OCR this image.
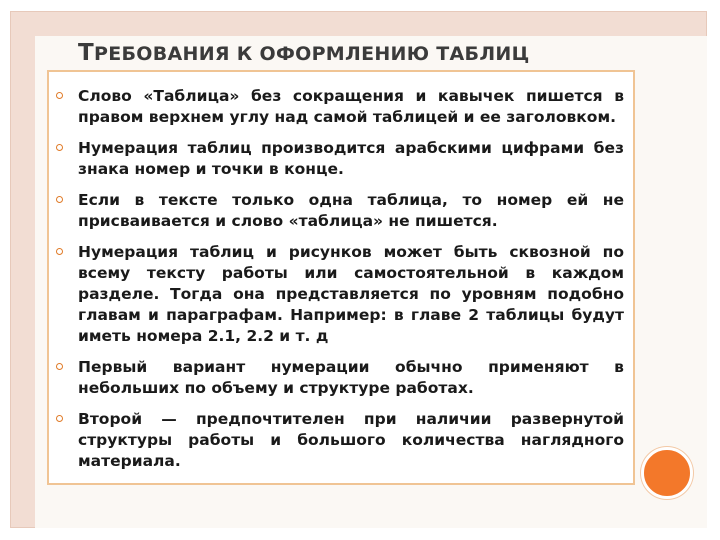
ТРЕБОВАНИЯ К ОФОРМЛЕНИЮ ТАБЛИЦ
Слово «Таблица» без сокращения и кавычек пишется в правом верхнем углу над самой таблицей и ее заголовком.
Нумерация таблиц производится арабскими цифрами без знака номер и точки в конце.
Если в тексте только одна таблица, то номер ей не присваивается и слово «таблица» не пишется.
Нумерация таблиц и рисунков может быть сквозной по всему тексту работы или самостоятельной в каждом разделе. Тогда она представляется по уровням подобно главам и параграфам. Например: в главе 2 таблицы будут иметь номера 2.1, 2.2 и т. д
Первый вариант нумерации обычно применяют в небольших по объему и структуре работах.
Второй — предпочтителен при наличии развернутой структуры работы и большого количества наглядного материала.
